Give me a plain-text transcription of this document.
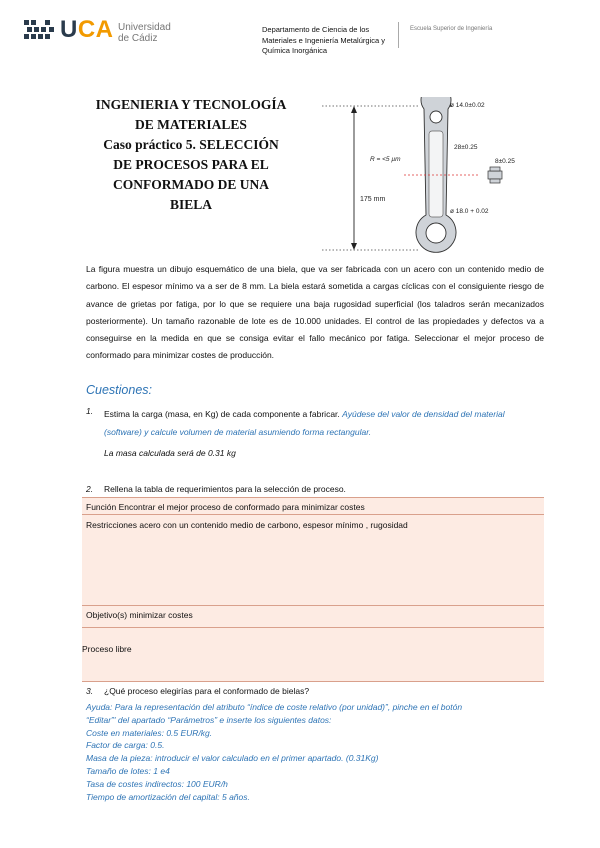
UCA Universidad
de Cádiz
Departamento de Ciencia de los Materiales e Ingeniería Metalúrgica y Química Inorgánica
Escuela Superior de Ingeniería
INGENIERIA Y TECNOLOGÍA
DE MATERIALES
Caso práctico 5. SELECCIÓN
DE PROCESOS PARA EL
CONFORMADO DE UNA
BIELA	175 mm
ø 14.0±0.02
28±0.25
8±0.25
R = <5 µm
ø 18.0 + 0.02
La figura muestra un dibujo esquemático de una biela, que va ser fabricada con un acero con un contenido medio de carbono. El espesor mínimo va a ser de 8 mm. La biela estará sometida a cargas cíclicas con el consiguiente riesgo de avance de grietas por fatiga, por lo que se requiere una baja rugosidad superficial (los taladros serán mecanizados posteriormente). Un tamaño razonable de lote es de 10.000 unidades. El control de las propiedades y defectos va a conseguirse en la medida en que se consiga evitar el fallo mecánico por fatiga. Seleccionar el mejor proceso de conformado para minimizar costes de producción.
Cuestiones:
1. Estima la carga (masa, en Kg) de cada componente a fabricar. Ayúdese del valor de densidad del material (software) y calcule volumen de material asumiendo forma rectangular.
La masa calculada será de 0.31 kg
2. Rellena la tabla de requerimientos para la selección de proceso.
Función Encontrar el mejor proceso de conformado para minimizar costes
Restricciones acero con un contenido medio de carbono, espesor mínimo , rugosidad
Objetivo(s) minimizar costes
Proceso libre
3. ¿Qué proceso elegirías para el conformado de bielas?
Ayuda: Para la representación del atributo “índice de coste relativo (por unidad)”, pinche en el botón
“Editar”' del apartado “Parámetros” e inserte los siguientes datos:
Coste en materiales: 0.5 EUR/kg.
Factor de carga: 0.5.
Masa de la pieza: introducir el valor calculado en el primer apartado. (0.31Kg)
Tamaño de lotes: 1 e4
Tasa de costes indirectos: 100 EUR/h
Tiempo de amortización del capital: 5 años.
